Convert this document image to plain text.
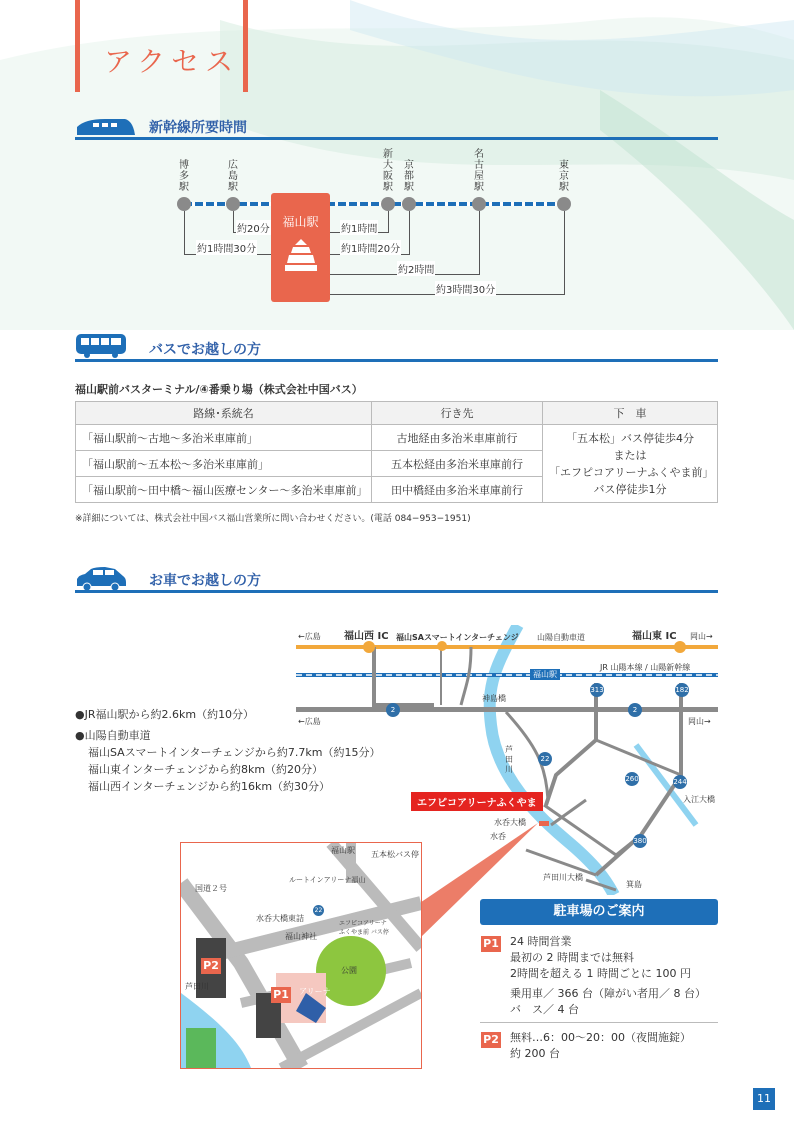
アクセス
新幹線所要時間
博多駅
広島駅
新大阪駅
京都駅
名古屋駅
東京駅
福山駅
約20分
約1時間30分
約1時間
約1時間20分
約2時間
約3時間30分
バスでお越しの方
福山駅前バスターミナル/④番乗り場（株式会社中国バス）
路線･系統名	行き先	下　車
「福山駅前～古地～多治米車庫前」	古地経由多治米車庫前行	「五本松」バス停徒歩4分
または
「エフピコアリーナふくやま前」
バス停徒歩1分

「福山駅前～五本松～多治米車庫前」	五本松経由多治米車庫前行	
「福山駅前～田中橋～福山医療センター～多治米車庫前」	田中橋経由多治米車庫前行	
※詳細については、株式会社中国バス福山営業所に問い合わせください。(電話 084−953−1951)
お車でお越しの方
●JR福山駅から約2.6km（約10分）
●山陽自動車道
福山SAスマートインターチェンジから約7.7km（約15分）
福山東インターチェンジから約8km（約20分）
福山西インターチェンジから約16km（約30分）
←広島 福山西 IC 福山SAスマートインターチェンジ 山陽自動車道	福山東 IC 岡山→
JR 山陽本線 / 山陽新幹線
福山駅
神島橋
←広島	岡山→
芦田川
入江大橋
エフピコアリーナふくやま
水呑大橋
水呑
芦田川大橋
箕島
2	2
313	182
22
260	244
380
福山駅 五本松バス停
ルートインアリーナ福山
国道２号
水呑大橋東詰
福山神社
エフピコアリーナふくやま前 バス停
公園
アリーナ
芦田川
P2
P1
22	駐車場のご案内
P1 24 時間営業
最初の 2 時間までは無料
2時間を超える 1 時間ごとに 100 円
乗用車／ 366 台（障がい者用／ 8 台）
バ　ス／ 4 台
P2 無料…6：00～20：00（夜間施錠）
約 200 台
11
